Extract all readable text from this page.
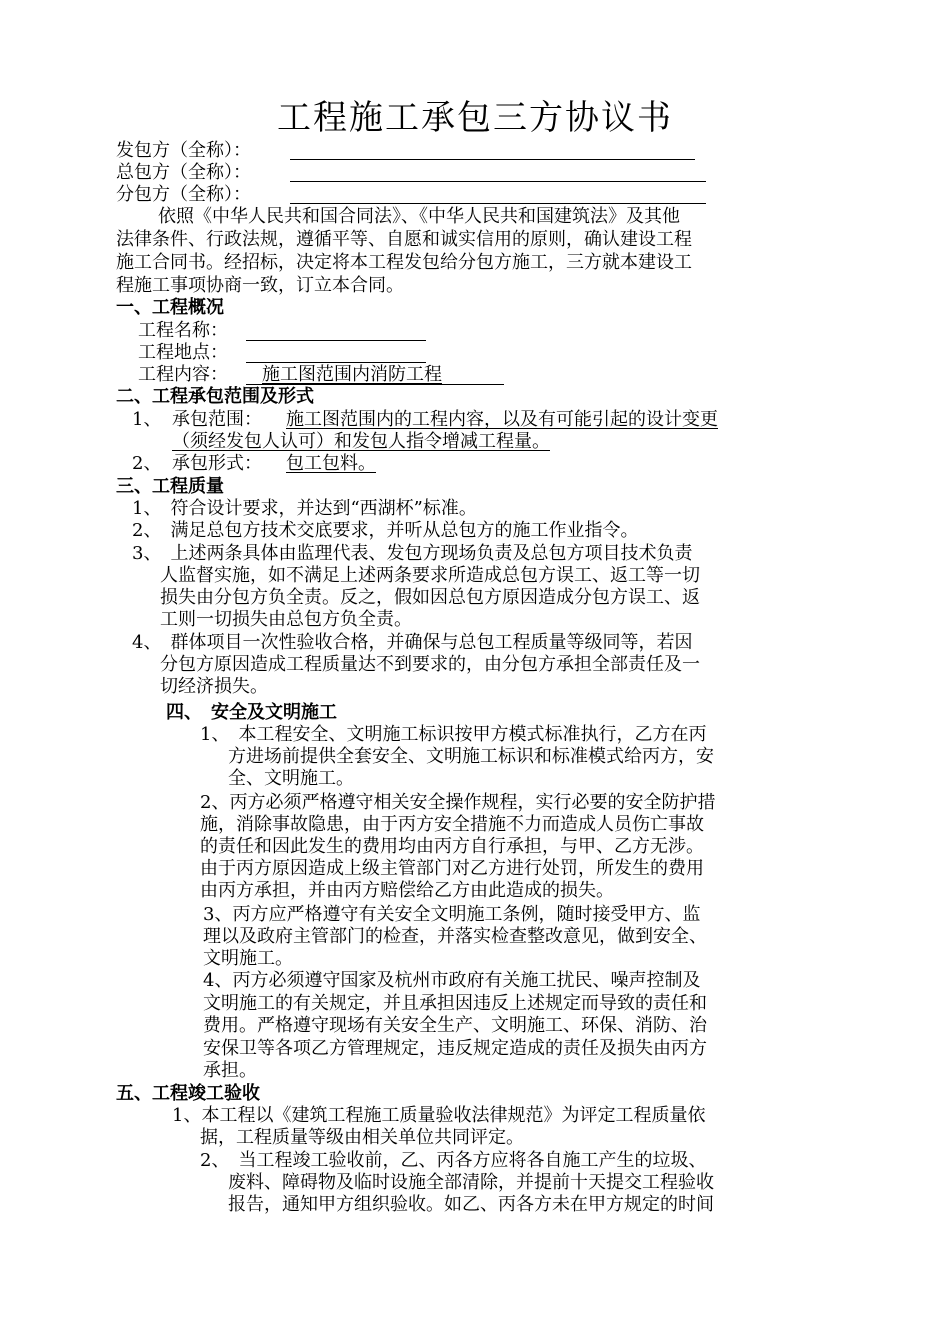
工程施工承包三方协议书
发包方（全称）：
总包方（全称）：
分包方（全称）：
依照《中华人民共和国合同法》、《中华人民共和国建筑法》及其他
法律条件、行政法规，遵循平等、自愿和诚实信用的原则，确认建设工程
施工合同书。经招标，决定将本工程发包给分包方施工，三方就本建设工
程施工事项协商一致，订立本合同。
一、工程概况
工程名称：
工程地点：
工程内容： 施工图范围内消防工程
二、工程承包范围及形式
1、 承包范围： 施工图范围内的工程内容，以及有可能引起的设计变更
（须经发包人认可）和发包人指令增减工程量。
2、 承包形式： 包工包料。
三、工程质量
1、　符合设计要求，并达到“西湖杯”标准。
2、　满足总包方技术交底要求，并听从总包方的施工作业指令。
3、　上述两条具体由监理代表、发包方现场负责及总包方项目技术负责
人监督实施，如不满足上述两条要求所造成总包方误工、返工等一切
损失由分包方负全责。反之，假如因总包方原因造成分包方误工、返
工则一切损失由总包方负全责。
4、　群体项目一次性验收合格，并确保与总包工程质量等级同等，若因
分包方原因造成工程质量达不到要求的，由分包方承担全部责任及一
切经济损失。
四、　安全及文明施工
1、　本工程安全、文明施工标识按甲方模式标准执行，乙方在丙
方进场前提供全套安全、文明施工标识和标准模式给丙方，安
全、文明施工。
2、丙方必须严格遵守相关安全操作规程，实行必要的安全防护措
施，消除事故隐患，由于丙方安全措施不力而造成人员伤亡事故
的责任和因此发生的费用均由丙方自行承担，与甲、乙方无涉。
由于丙方原因造成上级主管部门对乙方进行处罚，所发生的费用
由丙方承担，并由丙方赔偿给乙方由此造成的损失。
3、丙方应严格遵守有关安全文明施工条例，随时接受甲方、监
理以及政府主管部门的检查，并落实检查整改意见，做到安全、
文明施工。
4、丙方必须遵守国家及杭州市政府有关施工扰民、噪声控制及
文明施工的有关规定，并且承担因违反上述规定而导致的责任和
费用。严格遵守现场有关安全生产、文明施工、环保、消防、治
安保卫等各项乙方管理规定，违反规定造成的责任及损失由丙方
承担。
五、工程竣工验收
1、本工程以《建筑工程施工质量验收法律规范》为评定工程质量依
据，工程质量等级由相关单位共同评定。
2、　当工程竣工验收前，乙、丙各方应将各自施工产生的垃圾、
废料、障碍物及临时设施全部清除，并提前十天提交工程验收
报告，通知甲方组织验收。如乙、丙各方未在甲方规定的时间
